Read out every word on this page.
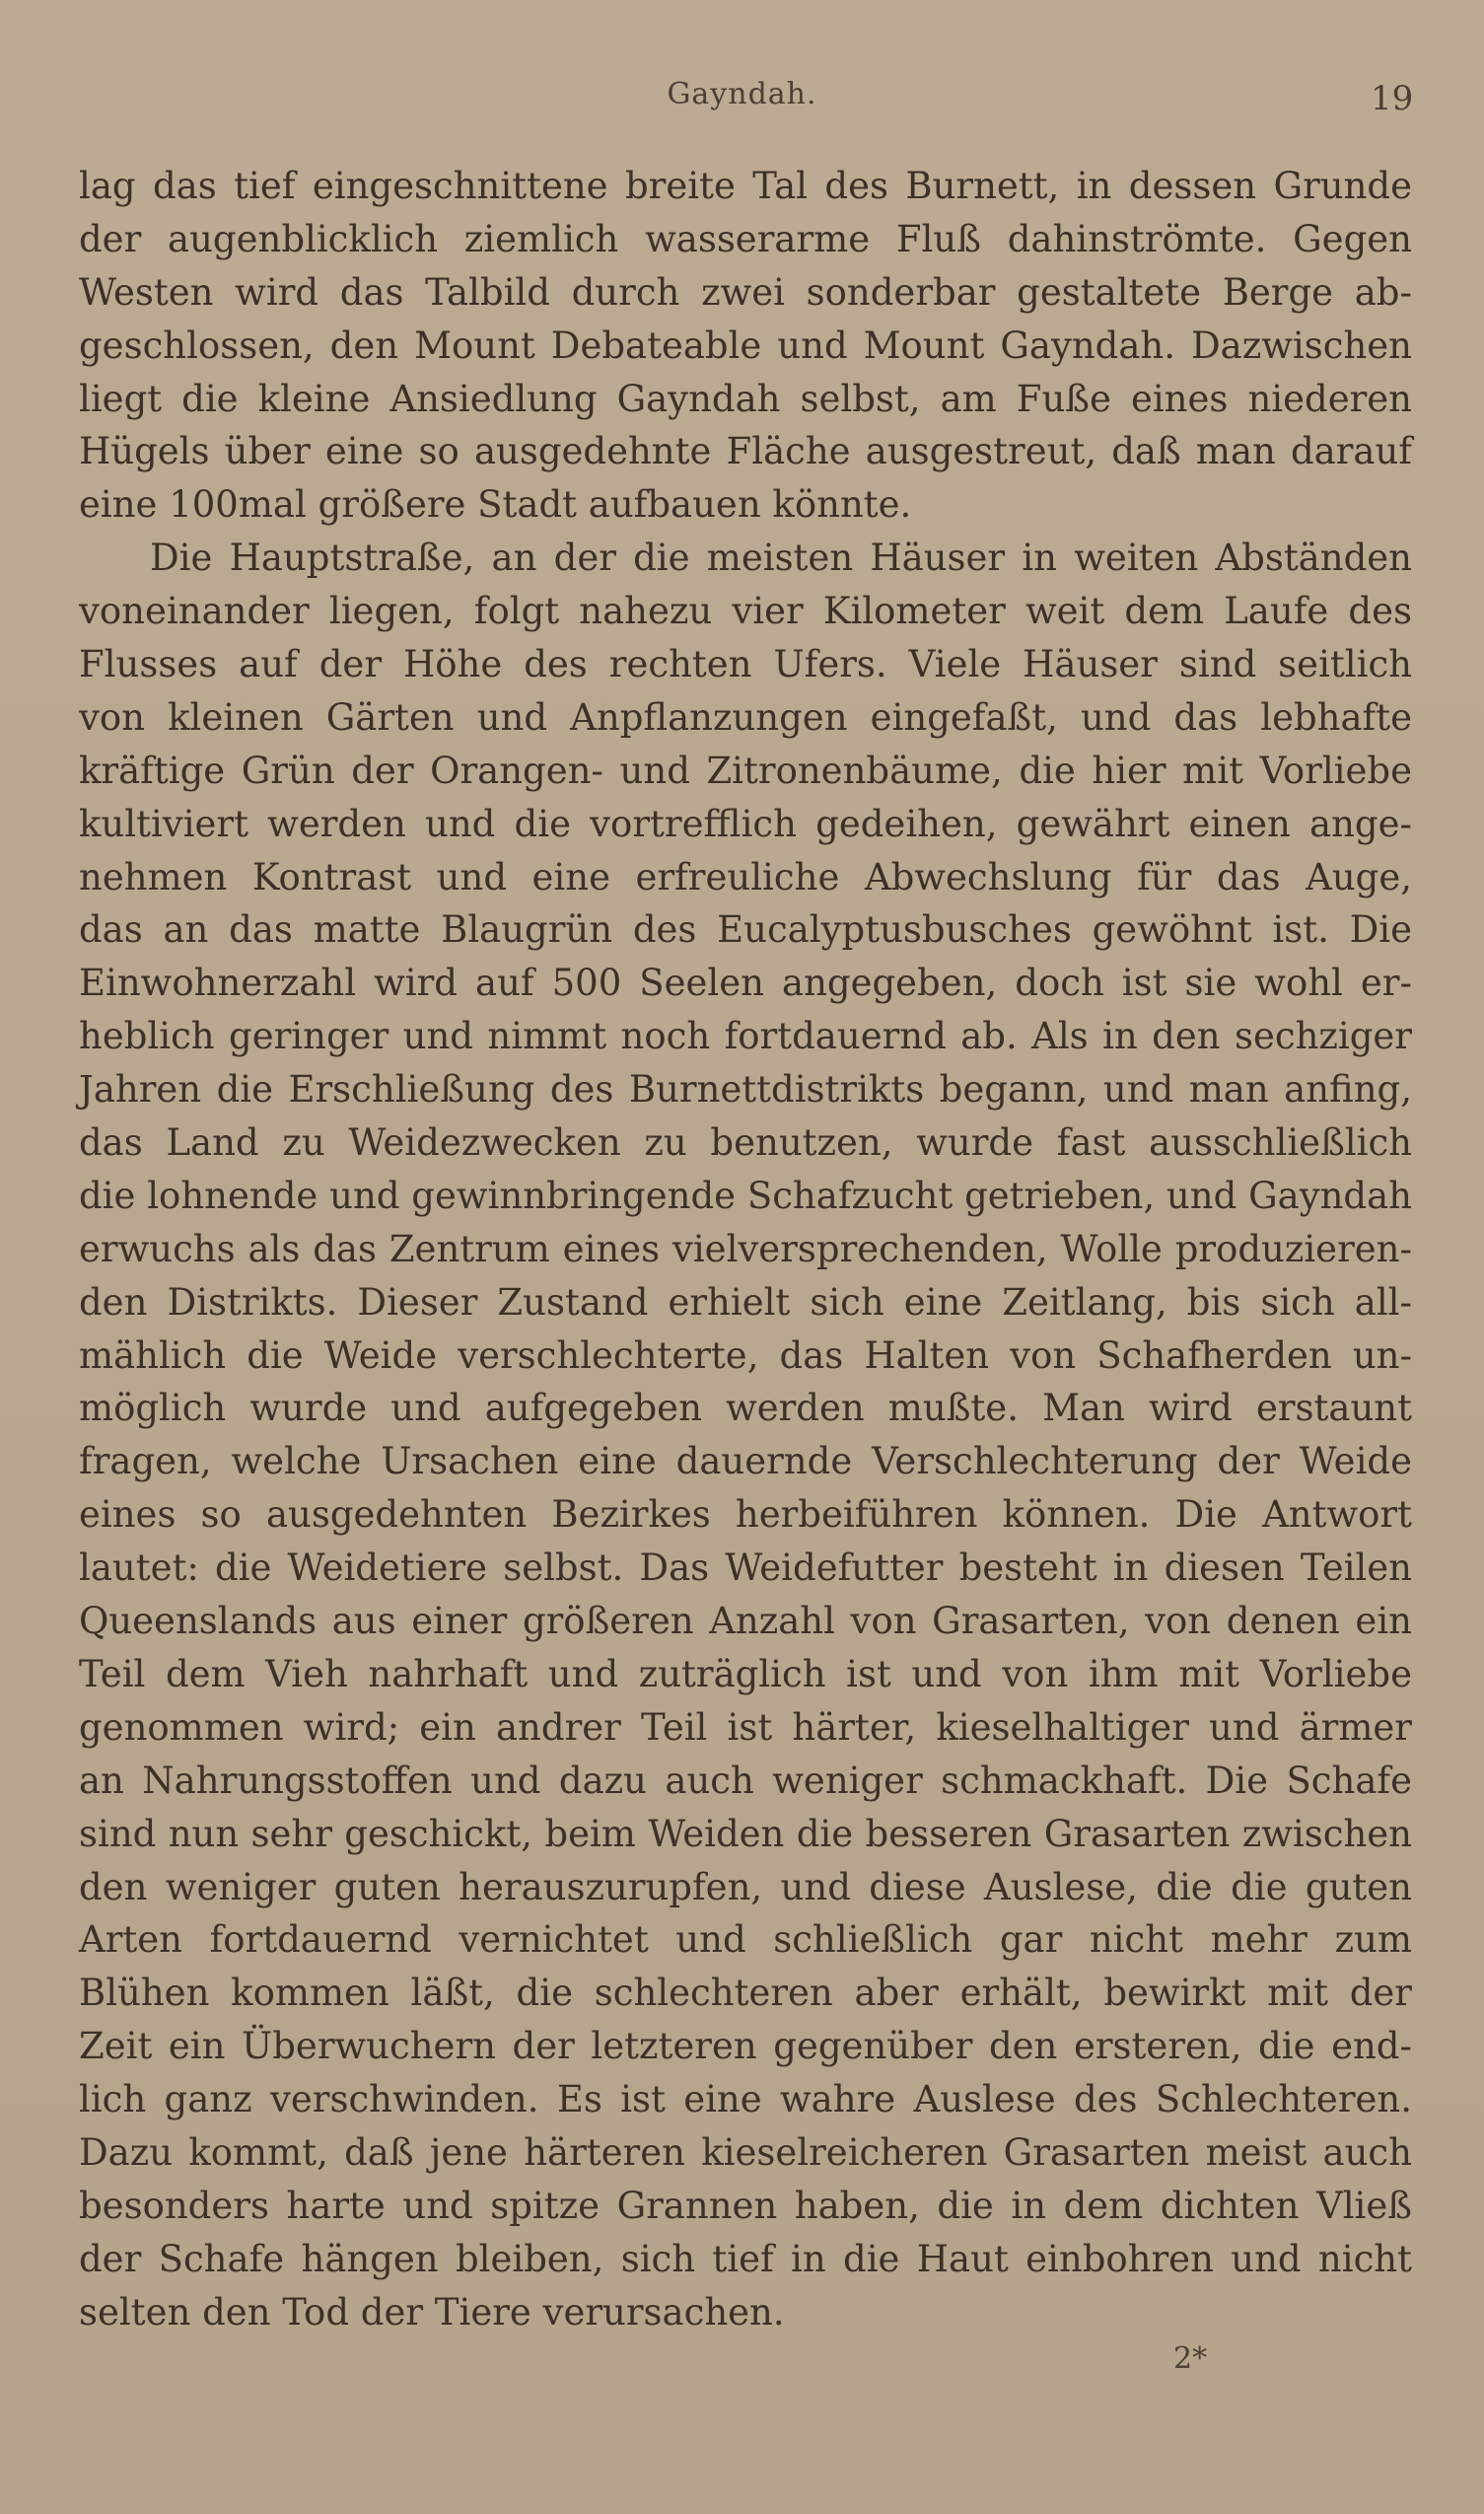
Gayndah.	19
lag das tief eingeschnittene breite Tal des Burnett, in dessen Grunde
der augenblicklich ziemlich wasserarme Fluß dahinströmte. Gegen
Westen wird das Talbild durch zwei sonderbar gestaltete Berge ab-
geschlossen, den Mount Debateable und Mount Gayndah. Dazwischen
liegt die kleine Ansiedlung Gayndah selbst, am Fuße eines niederen
Hügels über eine so ausgedehnte Fläche ausgestreut, daß man darauf
eine 100mal größere Stadt aufbauen könnte.
Die Hauptstraße, an der die meisten Häuser in weiten Abständen
voneinander liegen, folgt nahezu vier Kilometer weit dem Laufe des
Flusses auf der Höhe des rechten Ufers. Viele Häuser sind seitlich
von kleinen Gärten und Anpflanzungen eingefaßt, und das lebhafte
kräftige Grün der Orangen- und Zitronenbäume, die hier mit Vorliebe
kultiviert werden und die vortrefflich gedeihen, gewährt einen ange-
nehmen Kontrast und eine erfreuliche Abwechslung für das Auge,
das an das matte Blaugrün des Eucalyptusbusches gewöhnt ist. Die
Einwohnerzahl wird auf 500 Seelen angegeben, doch ist sie wohl er-
heblich geringer und nimmt noch fortdauernd ab. Als in den sechziger
Jahren die Erschließung des Burnettdistrikts begann, und man anfing,
das Land zu Weidezwecken zu benutzen, wurde fast ausschließlich
die lohnende und gewinnbringende Schafzucht getrieben, und Gayndah
erwuchs als das Zentrum eines vielversprechenden, Wolle produzieren-
den Distrikts. Dieser Zustand erhielt sich eine Zeitlang, bis sich all-
mählich die Weide verschlechterte, das Halten von Schafherden un-
möglich wurde und aufgegeben werden mußte. Man wird erstaunt
fragen, welche Ursachen eine dauernde Verschlechterung der Weide
eines so ausgedehnten Bezirkes herbeiführen können. Die Antwort
lautet: die Weidetiere selbst. Das Weidefutter besteht in diesen Teilen
Queenslands aus einer größeren Anzahl von Grasarten, von denen ein
Teil dem Vieh nahrhaft und zuträglich ist und von ihm mit Vorliebe
genommen wird; ein andrer Teil ist härter, kieselhaltiger und ärmer
an Nahrungsstoffen und dazu auch weniger schmackhaft. Die Schafe
sind nun sehr geschickt, beim Weiden die besseren Grasarten zwischen
den weniger guten herauszurupfen, und diese Auslese, die die guten
Arten fortdauernd vernichtet und schließlich gar nicht mehr zum
Blühen kommen läßt, die schlechteren aber erhält, bewirkt mit der
Zeit ein Überwuchern der letzteren gegenüber den ersteren, die end-
lich ganz verschwinden. Es ist eine wahre Auslese des Schlechteren.
Dazu kommt, daß jene härteren kieselreicheren Grasarten meist auch
besonders harte und spitze Grannen haben, die in dem dichten Vließ
der Schafe hängen bleiben, sich tief in die Haut einbohren und nicht
selten den Tod der Tiere verursachen.
2*
